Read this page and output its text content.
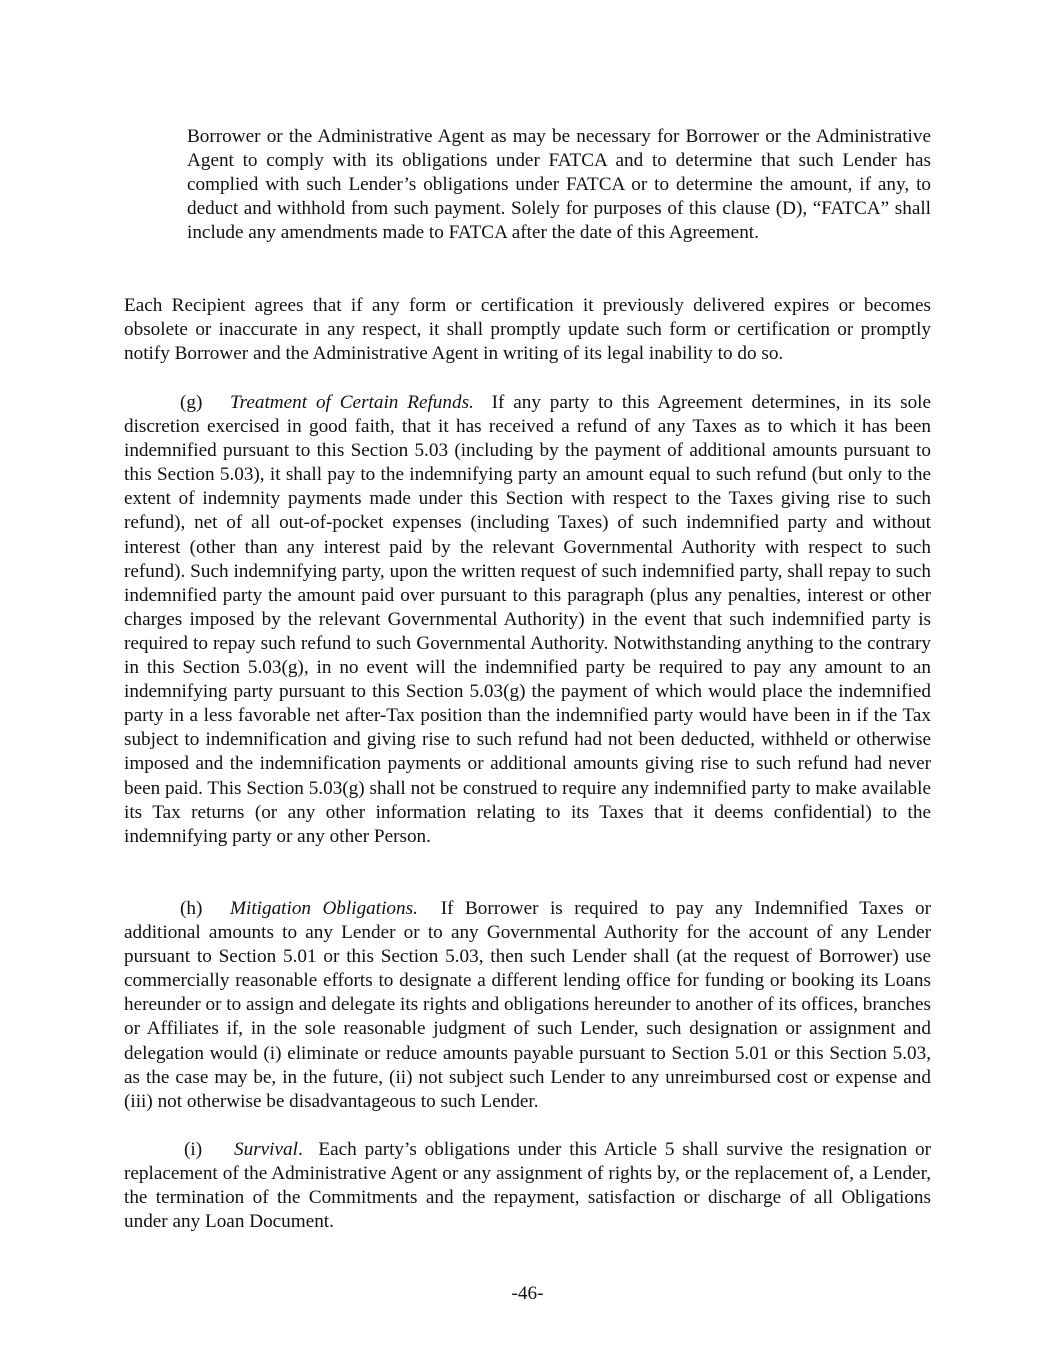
Borrower or the Administrative Agent as may be necessary for Borrower or the Administrative Agent to comply with its obligations under FATCA and to determine that such Lender has complied with such Lender’s obligations under FATCA or to determine the amount, if any, to deduct and withhold from such payment. Solely for purposes of this clause (D), “FATCA” shall include any amendments made to FATCA after the date of this Agreement.

Each Recipient agrees that if any form or certification it previously delivered expires or becomes obsolete or inaccurate in any respect, it shall promptly update such form or certification or promptly notify Borrower and the Administrative Agent in writing of its legal inability to do so.

(g) Treatment of Certain Refunds. If any party to this Agreement determines, in its sole discretion exercised in good faith, that it has received a refund of any Taxes as to which it has been indemnified pursuant to this Section 5.03 (including by the payment of additional amounts pursuant to this Section 5.03), it shall pay to the indemnifying party an amount equal to such refund (but only to the extent of indemnity payments made under this Section with respect to the Taxes giving rise to such refund), net of all out-of-pocket expenses (including Taxes) of such indemnified party and without interest (other than any interest paid by the relevant Governmental Authority with respect to such refund). Such indemnifying party, upon the written request of such indemnified party, shall repay to such indemnified party the amount paid over pursuant to this paragraph (plus any penalties, interest or other charges imposed by the relevant Governmental Authority) in the event that such indemnified party is required to repay such refund to such Governmental Authority. Notwithstanding anything to the contrary in this Section 5.03(g), in no event will the indemnified party be required to pay any amount to an indemnifying party pursuant to this Section 5.03(g) the payment of which would place the indemnified party in a less favorable net after-Tax position than the indemnified party would have been in if the Tax subject to indemnification and giving rise to such refund had not been deducted, withheld or otherwise imposed and the indemnification payments or additional amounts giving rise to such refund had never been paid. This Section 5.03(g) shall not be construed to require any indemnified party to make available its Tax returns (or any other information relating to its Taxes that it deems confidential) to the indemnifying party or any other Person.

(h) Mitigation Obligations. If Borrower is required to pay any Indemnified Taxes or additional amounts to any Lender or to any Governmental Authority for the account of any Lender pursuant to Section 5.01 or this Section 5.03, then such Lender shall (at the request of Borrower) use commercially reasonable efforts to designate a different lending office for funding or booking its Loans hereunder or to assign and delegate its rights and obligations hereunder to another of its offices, branches or Affiliates if, in the sole reasonable judgment of such Lender, such designation or assignment and delegation would (i) eliminate or reduce amounts payable pursuant to Section 5.01 or this Section 5.03, as the case may be, in the future, (ii) not subject such Lender to any unreimbursed cost or expense and (iii) not otherwise be disadvantageous to such Lender.

(i) Survival.  Each party’s obligations under this Article 5 shall survive the resignation or replacement of the Administrative Agent or any assignment of rights by, or the replacement of, a Lender, the termination of the Commitments and the repayment, satisfaction or discharge of all Obligations under any Loan Document.

-46-
